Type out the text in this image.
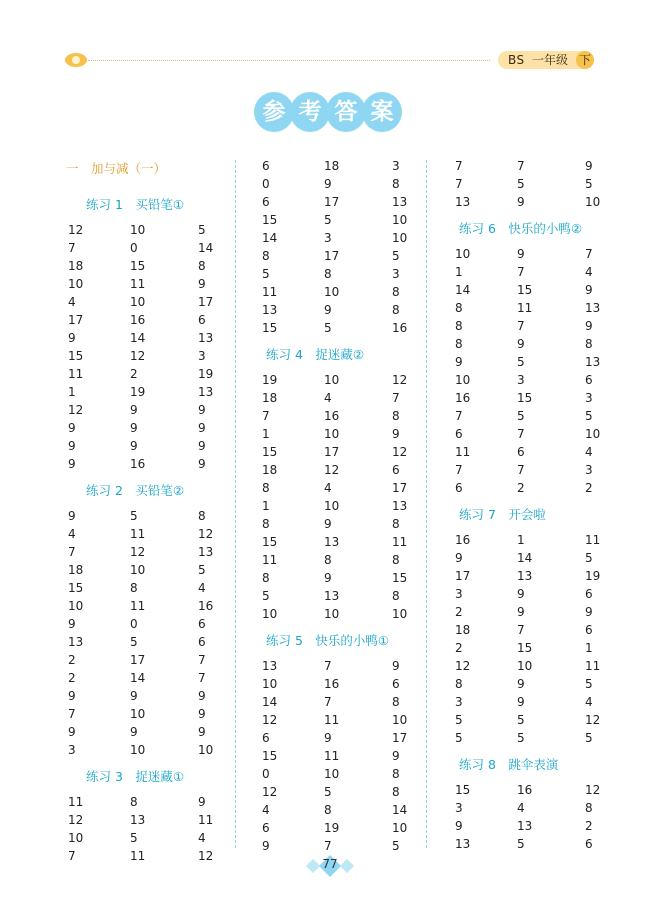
BS 一年级 下
参 考 答 案
一　加与减（一）
练习 1　买铅笔①
12	10	5
7	0	14
18	15	8
10	11	9
4	10	17
17	16	6
9	14	13
15	12	3
11	2	19
1	19	13
12	9	9
9	9	9
9	9	9
9	16	9
练习 2　买铅笔②
9	5	8
4	11	12
7	12	13
18	10	5
15	8	4
10	11	16
9	0	6
13	5	6
2	17	7
2	14	7
9	9	9
7	10	9
9	9	9
3	10	10
练习 3　捉迷藏①
11	8	9
12	13	11
10	5	4
7	11	12
6	18	3
0	9	8
6	17	13
15	5	10
14	3	10
8	17	5
5	8	3
11	10	8
13	9	8
15	5	16
练习 4　捉迷藏②
19	10	12
18	4	7
7	16	8
1	10	9
15	17	12
18	12	6
8	4	17
1	10	13
8	9	8
15	13	11
11	8	8
8	9	15
5	13	8
10	10	10
练习 5　快乐的小鸭①
13	7	9
10	16	6
14	7	8
12	11	10
6	9	17
15	11	9
0	10	8
12	5	8
4	8	14
6	19	10
9	7	5
7	7	9
7	5	5
13	9	10
练习 6　快乐的小鸭②
10	9	7
1	7	4
14	15	9
8	11	13
8	7	9
8	9	8
9	5	13
10	3	6
16	15	3
7	5	5
6	7	10
11	6	4
7	7	3
6	2	2
练习 7　开会啦
16	1	11
9	14	5
17	13	19
3	9	6
2	9	9
18	7	6
2	15	1
12	10	11
8	9	5
3	9	4
5	5	12
5	5	5
练习 8　跳伞表演
15	16	12
3	4	8
9	13	2
13	5	6
77
